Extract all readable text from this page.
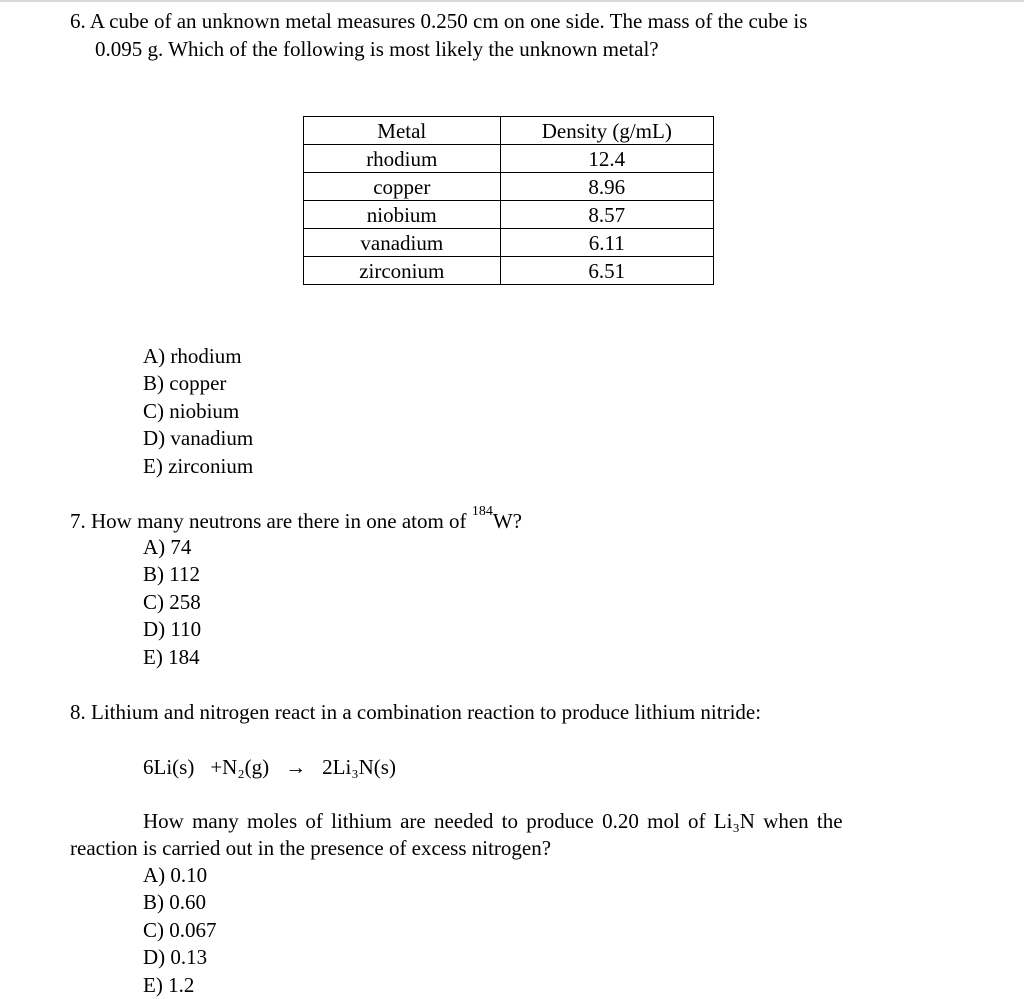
6. A cube of an unknown metal measures 0.250 cm on one side. The mass of the cube is
0.095 g. Which of the following is most likely the unknown metal?
Metal	Density (g/mL)
rhodium	12.4
copper	8.96
niobium	8.57
vanadium	6.11
zirconium	6.51
A) rhodium
B) copper
C) niobium
D) vanadium
E) zirconium
7. How many neutrons are there in one atom of $^{184}$W?
A) 74
B) 112
C) 258
D) 110
E) 184
8. Lithium and nitrogen react in a combination reaction to produce lithium nitride:
6Li(s) +N₂(g) → 2Li₃N(s)
How many moles of lithium are needed to produce 0.20 mol of Li₃N when the
reaction is carried out in the presence of excess nitrogen?
A) 0.10
B) 0.60
C) 0.067
D) 0.13
E) 1.2
